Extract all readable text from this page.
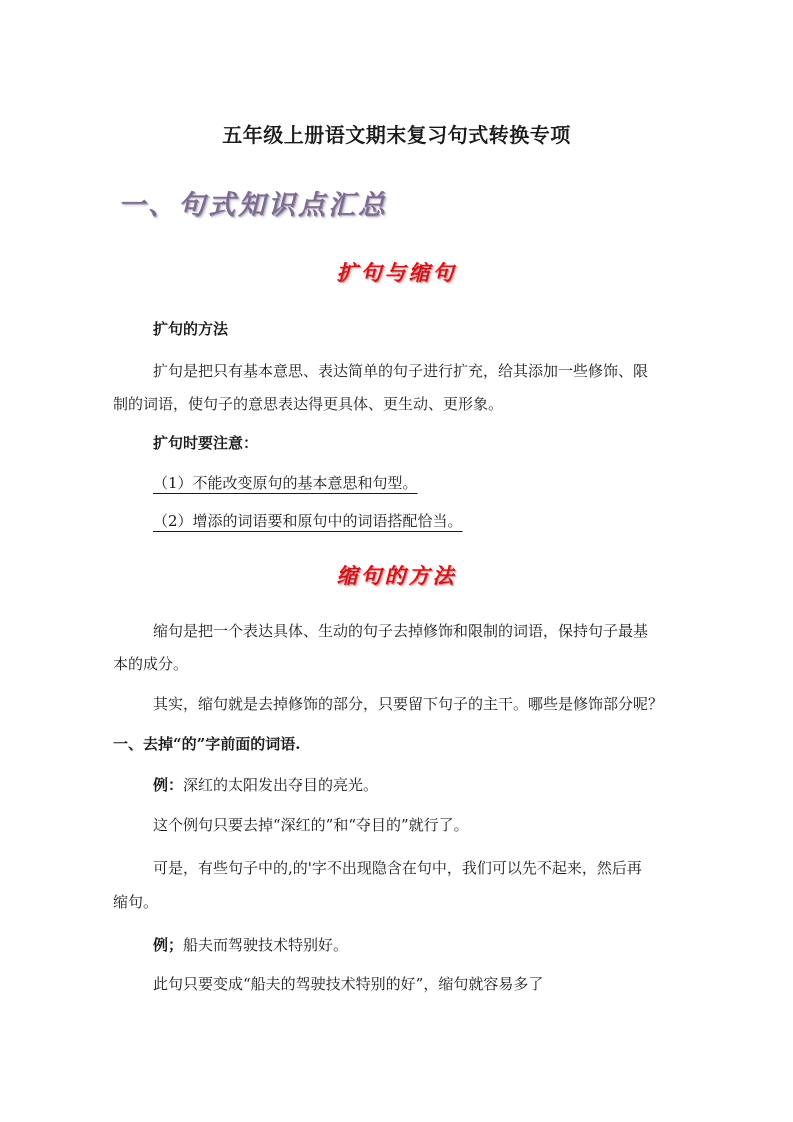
五年级上册语文期末复习句式转换专项
一、句式知识点汇总
扩句与缩句
扩句的方法
扩句是把只有基本意思、表达简单的句子进行扩充，给其添加一些修饰、限
制的词语，使句子的意思表达得更具体、更生动、更形象。
扩句时要注意：
（1）不能改变原句的基本意思和句型。
（2）增添的词语要和原句中的词语搭配恰当。
缩句的方法
缩句是把一个表达具体、生动的句子去掉修饰和限制的词语，保持句子最基
本的成分。
其实，缩句就是去掉修饰的部分，只要留下句子的主干。哪些是修饰部分呢？
一、去掉“的”字前面的词语.
例：深红的太阳发出夺目的亮光。
这个例句只要去掉“深红的”和“夺目的”就行了。
可是，有些句子中的,的'字不出现隐含在句中，我们可以先不起来，然后再
缩句。
例；船夫而驾驶技术特别好。
此句只要变成“船夫的驾驶技术特别的好”，缩句就容易多了
